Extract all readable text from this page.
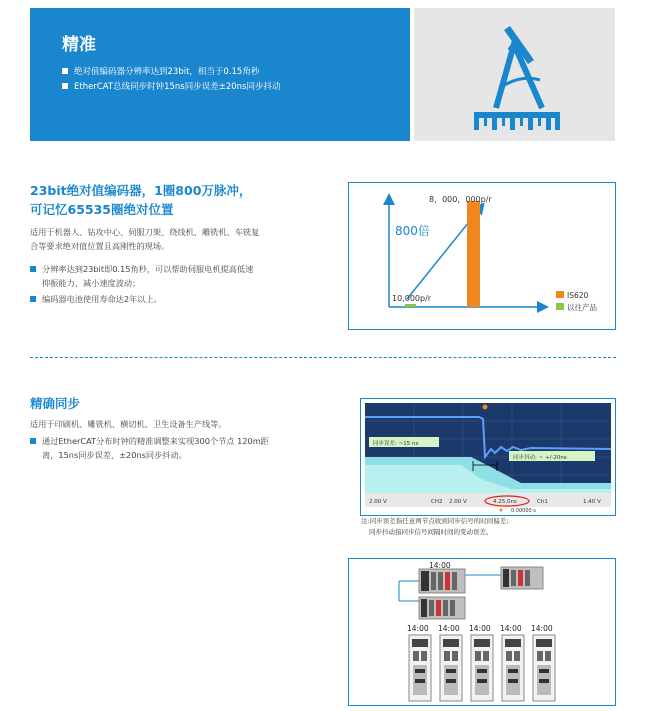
精准
绝对值编码器分辨率达到23bit，相当于0.15角秒
EtherCAT总线同步时钟15ns同步误差±20ns同步抖动
23bit绝对值编码器，1圈800万脉冲，
可记忆65535圈绝对位置
适用于机器人、钻攻中心、伺服刀架、绕线机、雕铣机、车铣复
合等要求绝对值位置且高刚性的现场。
分辨率达到23bit即0.15角秒，可以帮助伺服电机提高低速
抑振能力、减小速度波动；
编码器电池使用寿命达2年以上。
8，000，000p/r
10,000p/r
800倍
IS620
以往产品
精确同步
适用于印刷机、雕铣机、横切机、卫生设备生产线等。
通过EtherCAT分布时钟的精准调整来实现300个节点 120m距
离，15ns同步误差、±20ns同步抖动。
同步误差: ~15 ns
同步抖动: ~ +/-20ns
2.00 V	CH2 2.00 V	4.25.0ns	Ch1	1.40 V
0.00000 s
注:同步误差指任意两节点收到同步信号的时间偏差;
同步抖动指同步信号间隔时间的变动误差。
14:00
14:00 14:00 14:00 14:00 14:00
